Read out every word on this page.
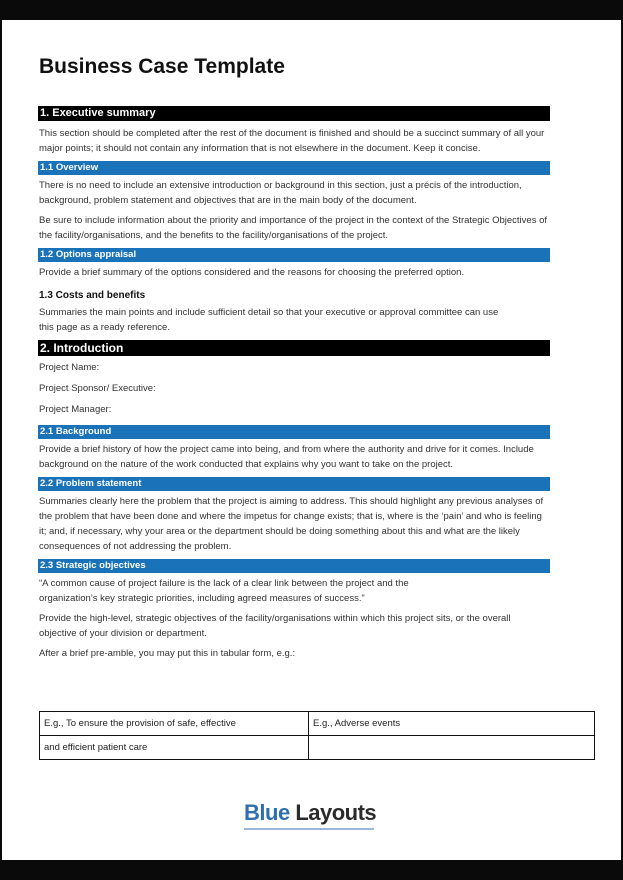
Business Case Template
1. Executive summary

This section should be completed after the rest of the document is finished and should be a succinct summary of all your major points; it should not contain any information that is not elsewhere in the document. Keep it concise.

1.1 Overview

There is no need to include an extensive introduction or background in this section, just a précis of the introduction, background, problem statement and objectives that are in the main body of the document.

Be sure to include information about the priority and importance of the project in the context of the Strategic Objectives of the facility/organisations, and the benefits to the facility/organisations of the project.

1.2 Options appraisal

Provide a brief summary of the options considered and the reasons for choosing the preferred option.

1.3 Costs and benefits

Summaries the main points and include sufficient detail so that your executive or approval committee can use this page as a ready reference.

2. Introduction
Project Name:
Project Sponsor/ Executive:
Project Manager:
2.1 Background

Provide a brief history of how the project came into being, and from where the authority and drive for it comes. Include background on the nature of the work conducted that explains why you want to take on the project.

2.2 Problem statement

Summaries clearly here the problem that the project is aiming to address. This should highlight any previous analyses of the problem that have been done and where the impetus for change exists; that is, where is the ‘pain’ and who is feeling it; and, if necessary, why your area or the department should be doing something about this and what are the likely consequences of not addressing the problem.

2.3 Strategic objectives

“A common cause of project failure is the lack of a clear link between the project and the organization’s key strategic priorities, including agreed measures of success.”

Provide the high-level, strategic objectives of the facility/organisations within which this project sits, or the overall objective of your division or department.

After a brief pre-amble, you may put this in tabular form, e.g.:

E.g., To ensure the provision of safe, effective	E.g., Adverse events
and efficient patient care	
Blue Layouts
